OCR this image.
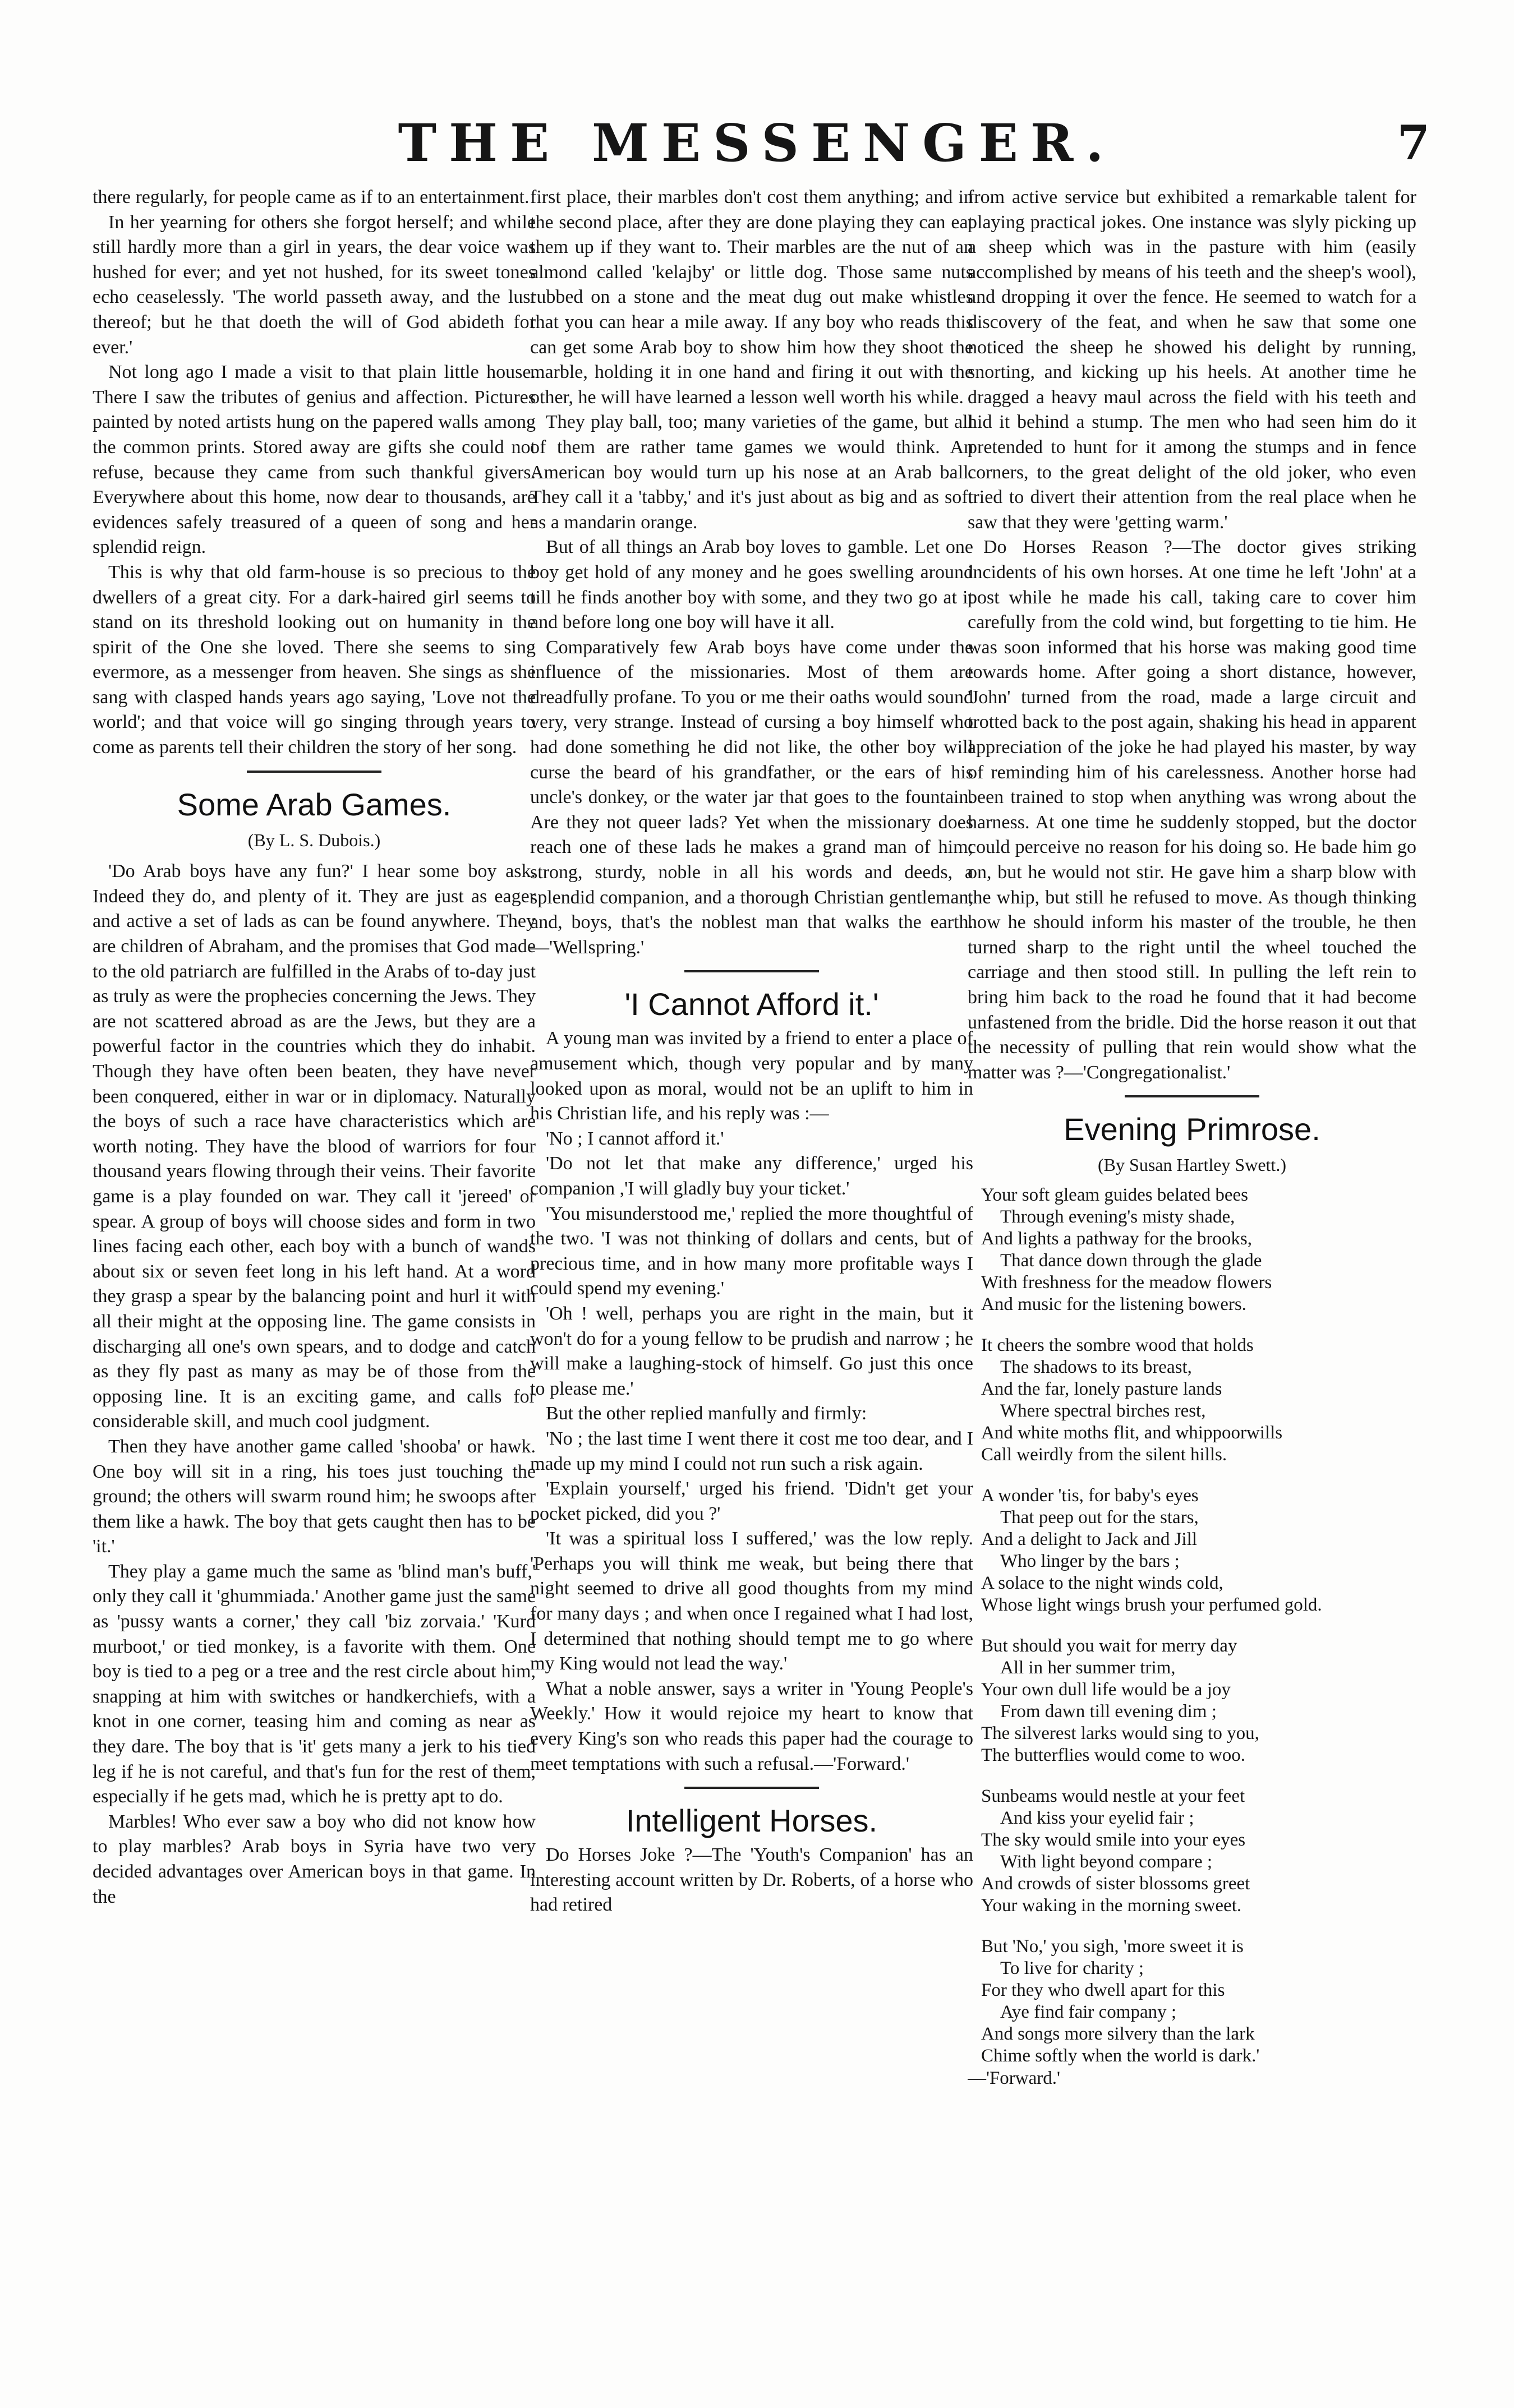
THE MESSENGER.	7

there regularly, for people came as if to an entertainment.

In her yearning for others she forgot herself; and while still hardly more than a girl in years, the dear voice was hushed for ever; and yet not hushed, for its sweet tones echo ceaselessly. 'The world passeth away, and the lust thereof; but he that doeth the will of God abideth for ever.'

Not long ago I made a visit to that plain little house. There I saw the tributes of genius and affection. Pictures painted by noted artists hung on the papered walls among the common prints. Stored away are gifts she could not refuse, because they came from such thankful givers. Everywhere about this home, now dear to thousands, are evidences safely treasured of a queen of song and her splendid reign.

This is why that old farm-house is so precious to the dwellers of a great city. For a dark-haired girl seems to stand on its threshold looking out on humanity in the spirit of the One she loved. There she seems to sing evermore, as a messenger from heaven. She sings as she sang with clasped hands years ago saying, 'Love not the world'; and that voice will go singing through years to come as parents tell their children the story of her song.

Some Arab Games.
(By L. S. Dubois.)

'Do Arab boys have any fun?' I hear some boy ask. Indeed they do, and plenty of it. They are just as eager and active a set of lads as can be found anywhere. They are children of Abraham, and the promises that God made to the old patriarch are fulfilled in the Arabs of to-day just as truly as were the prophecies concerning the Jews. They are not scattered abroad as are the Jews, but they are a powerful factor in the countries which they do inhabit. Though they have often been beaten, they have never been conquered, either in war or in diplomacy. Naturally the boys of such a race have characteristics which are worth noting. They have the blood of warriors for four thousand years flowing through their veins. Their favorite game is a play founded on war. They call it 'jereed' or spear. A group of boys will choose sides and form in two lines facing each other, each boy with a bunch of wands about six or seven feet long in his left hand. At a word they grasp a spear by the balancing point and hurl it with all their might at the opposing line. The game consists in discharging all one's own spears, and to dodge and catch as they fly past as many as may be of those from the opposing line. It is an exciting game, and calls for considerable skill, and much cool judgment.

Then they have another game called 'shooba' or hawk. One boy will sit in a ring, his toes just touching the ground; the others will swarm round him; he swoops after them like a hawk. The boy that gets caught then has to be 'it.'

They play a game much the same as 'blind man's buff,' only they call it 'ghummiada.' Another game just the same as 'pussy wants a corner,' they call 'biz zorvaia.' 'Kurd murboot,' or tied monkey, is a favorite with them. One boy is tied to a peg or a tree and the rest circle about him, snapping at him with switches or handkerchiefs, with a knot in one corner, teasing him and coming as near as they dare. The boy that is 'it' gets many a jerk to his tied leg if he is not careful, and that's fun for the rest of them, especially if he gets mad, which he is pretty apt to do.

Marbles! Who ever saw a boy who did not know how to play marbles? Arab boys in Syria have two very decided advantages over American boys in that game. In the

first place, their marbles don't cost them anything; and in the second place, after they are done playing they can eat them up if they want to. Their marbles are the nut of an almond called 'kelajby' or little dog. Those same nuts rubbed on a stone and the meat dug out make whistles that you can hear a mile away. If any boy who reads this can get some Arab boy to show him how they shoot the marble, holding it in one hand and firing it out with the other, he will have learned a lesson well worth his while.

They play ball, too; many varieties of the game, but all of them are rather tame games we would think. An American boy would turn up his nose at an Arab ball. They call it a 'tabby,' and it's just about as big and as soft as a mandarin orange.

But of all things an Arab boy loves to gamble. Let one boy get hold of any money and he goes swelling around till he finds another boy with some, and they two go at it and before long one boy will have it all.

Comparatively few Arab boys have come under the influence of the missionaries. Most of them are dreadfully profane. To you or me their oaths would sound very, very strange. Instead of cursing a boy himself who had done something he did not like, the other boy will curse the beard of his grandfather, or the ears of his uncle's donkey, or the water jar that goes to the fountain. Are they not queer lads? Yet when the missionary does reach one of these lads he makes a grand man of him; strong, sturdy, noble in all his words and deeds, a splendid companion, and a thorough Christian gentleman, and, boys, that's the noblest man that walks the earth.—'Wellspring.'

'I Cannot Afford it.'

A young man was invited by a friend to enter a place of amusement which, though very popular and by many looked upon as moral, would not be an uplift to him in his Christian life, and his reply was :—

'No ; I cannot afford it.'

'Do not let that make any difference,' urged his companion ,'I will gladly buy your ticket.'

'You misunderstood me,' replied the more thoughtful of the two. 'I was not thinking of dollars and cents, but of precious time, and in how many more profitable ways I could spend my evening.'

'Oh ! well, perhaps you are right in the main, but it won't do for a young fellow to be prudish and narrow ; he will make a laughing-stock of himself. Go just this once to please me.'

But the other replied manfully and firmly:

'No ; the last time I went there it cost me too dear, and I made up my mind I could not run such a risk again.

'Explain yourself,' urged his friend. 'Didn't get your pocket picked, did you ?'

'It was a spiritual loss I suffered,' was the low reply. 'Perhaps you will think me weak, but being there that night seemed to drive all good thoughts from my mind for many days ; and when once I regained what I had lost, I determined that nothing should tempt me to go where my King would not lead the way.'

What a noble answer, says a writer in 'Young People's Weekly.' How it would rejoice my heart to know that every King's son who reads this paper had the courage to meet temptations with such a refusal.—'Forward.'

Intelligent Horses.

Do Horses Joke ?—The 'Youth's Companion' has an interesting account written by Dr. Roberts, of a horse who had retired

from active service but exhibited a remarkable talent for playing practical jokes. One instance was slyly picking up a sheep which was in the pasture with him (easily accomplished by means of his teeth and the sheep's wool), and dropping it over the fence. He seemed to watch for a discovery of the feat, and when he saw that some one noticed the sheep he showed his delight by running, snorting, and kicking up his heels. At another time he dragged a heavy maul across the field with his teeth and hid it behind a stump. The men who had seen him do it pretended to hunt for it among the stumps and in fence corners, to the great delight of the old joker, who even tried to divert their attention from the real place when he saw that they were 'getting warm.'

Do Horses Reason ?—The doctor gives striking incidents of his own horses. At one time he left 'John' at a post while he made his call, taking care to cover him carefully from the cold wind, but forgetting to tie him. He was soon informed that his horse was making good time towards home. After going a short distance, however, 'John' turned from the road, made a large circuit and trotted back to the post again, shaking his head in apparent appreciation of the joke he had played his master, by way of reminding him of his carelessness. Another horse had been trained to stop when anything was wrong about the harness. At one time he suddenly stopped, but the doctor could perceive no reason for his doing so. He bade him go on, but he would not stir. He gave him a sharp blow with the whip, but still he refused to move. As though thinking how he should inform his master of the trouble, he then turned sharp to the right until the wheel touched the carriage and then stood still. In pulling the left rein to bring him back to the road he found that it had become unfastened from the bridle. Did the horse reason it out that the necessity of pulling that rein would show what the matter was ?—'Congregationalist.'

Evening Primrose.
(By Susan Hartley Swett.)
Your soft gleam guides belated bees
Through evening's misty shade,
And lights a pathway for the brooks,
That dance down through the glade
With freshness for the meadow flowers
And music for the listening bowers.
It cheers the sombre wood that holds
The shadows to its breast,
And the far, lonely pasture lands
Where spectral birches rest,
And white moths flit, and whippoorwills
Call weirdly from the silent hills.
A wonder 'tis, for baby's eyes
That peep out for the stars,
And a delight to Jack and Jill
Who linger by the bars ;
A solace to the night winds cold,
Whose light wings brush your perfumed gold.
But should you wait for merry day
All in her summer trim,
Your own dull life would be a joy
From dawn till evening dim ;
The silverest larks would sing to you,
The butterflies would come to woo.
Sunbeams would nestle at your feet
And kiss your eyelid fair ;
The sky would smile into your eyes
With light beyond compare ;
And crowds of sister blossoms greet
Your waking in the morning sweet.
But 'No,' you sigh, 'more sweet it is
To live for charity ;
For they who dwell apart for this
Aye find fair company ;
And songs more silvery than the lark
Chime softly when the world is dark.'
—'Forward.'
